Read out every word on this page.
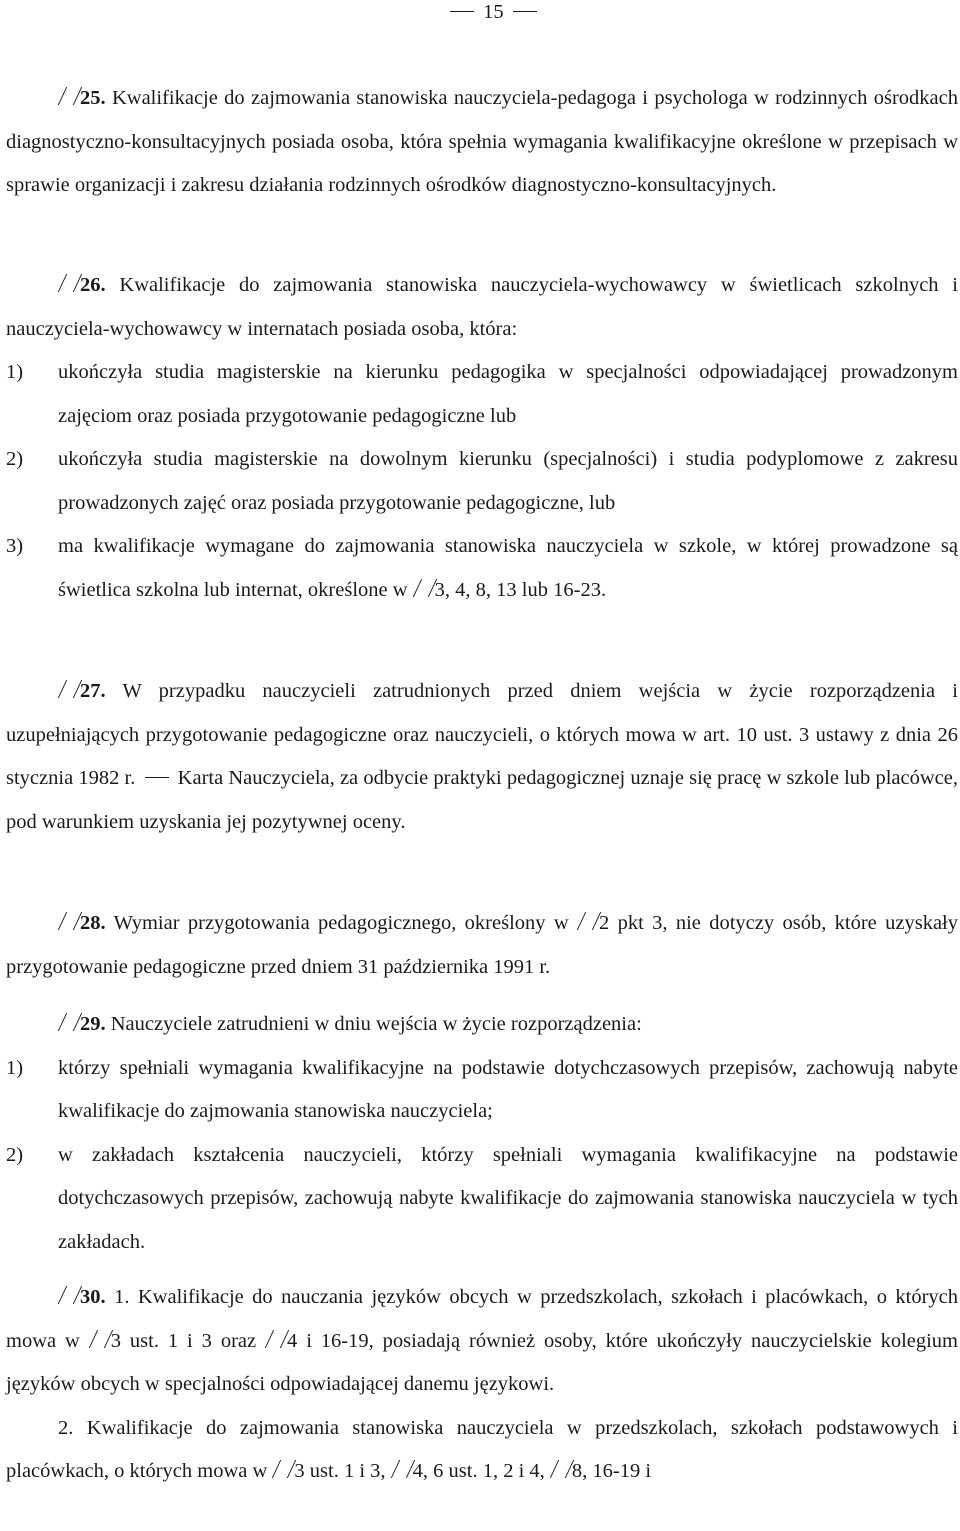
15

25. Kwalifikacje do zajmowania stanowiska nauczyciela-pedagoga i psychologa w rodzinnych ośrodkach diagnostyczno-konsultacyjnych posiada osoba, która spełnia wymagania kwalifikacyjne określone w przepisach w sprawie organizacji i zakresu działania rodzinnych ośrodków diagnostyczno-konsultacyjnych.

26. Kwalifikacje do zajmowania stanowiska nauczyciela-wychowawcy w świetlicach szkolnych i nauczyciela-wychowawcy w internatach posiada osoba, która:

1) ukończyła studia magisterskie na kierunku pedagogika w specjalności odpowiadającej prowadzonym zajęciom oraz posiada przygotowanie pedagogiczne lub

2) ukończyła studia magisterskie na dowolnym kierunku (specjalności) i studia podyplomowe z zakresu prowadzonych zajęć oraz posiada przygotowanie pedagogiczne, lub

3) ma kwalifikacje wymagane do zajmowania stanowiska nauczyciela w szkole, w której prowadzone są świetlica szkolna lub internat, określone w 3, 4, 8, 13 lub 16-23.

27. W przypadku nauczycieli zatrudnionych przed dniem wejścia w życie rozporządzenia i uzupełniających przygotowanie pedagogiczne oraz nauczycieli, o których mowa w art. 10 ust. 3 ustawy z dnia 26 stycznia 1982 r. Karta Nauczyciela, za odbycie praktyki pedagogicznej uznaje się pracę w szkole lub placówce, pod warunkiem uzyskania jej pozytywnej oceny.

28. Wymiar przygotowania pedagogicznego, określony w 2 pkt 3, nie dotyczy osób, które uzyskały przygotowanie pedagogiczne przed dniem 31 października 1991 r.

29. Nauczyciele zatrudnieni w dniu wejścia w życie rozporządzenia:

1) którzy spełniali wymagania kwalifikacyjne na podstawie dotychczasowych przepisów, zachowują nabyte kwalifikacje do zajmowania stanowiska nauczyciela;

2) w zakładach kształcenia nauczycieli, którzy spełniali wymagania kwalifikacyjne na podstawie dotychczasowych przepisów, zachowują nabyte kwalifikacje do zajmowania stanowiska nauczyciela w tych zakładach.

30. 1. Kwalifikacje do nauczania języków obcych w przedszkolach, szkołach i placówkach, o których mowa w 3 ust. 1 i 3 oraz 4 i 16-19, posiadają również osoby, które ukończyły nauczycielskie kolegium języków obcych w specjalności odpowiadającej danemu językowi.

2. Kwalifikacje do zajmowania stanowiska nauczyciela w przedszkolach, szkołach podstawowych i placówkach, o których mowa w 3 ust. 1 i 3, 4, 6 ust. 1, 2 i 4, 8, 16-19 i
